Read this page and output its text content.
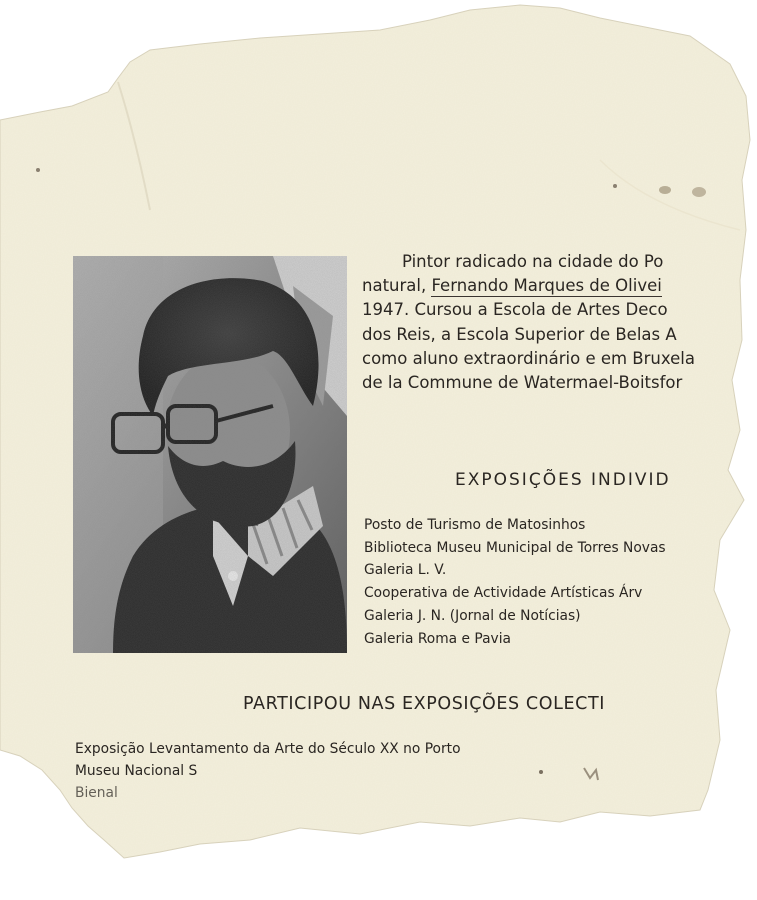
Pintor radicado na cidade do Po
natural, Fernando Marques de Olivei
1947. Cursou a Escola de Artes Deco
dos Reis, a Escola Superior de Belas A
como aluno extraordinário e em Bruxela
de la Commune de Watermael-Boitsfor
EXPOSIÇÕES INDIVID
Posto de Turismo de Matosinhos
Biblioteca Museu Municipal de Torres Novas
Galeria L. V.
Cooperativa de Actividade Artísticas Árv
Galeria J. N. (Jornal de Notícias)
Galeria Roma e Pavia
PARTICIPOU NAS EXPOSIÇÕES COLECTI
Exposição Levantamento da Arte do Século XX no Porto
Museu Nacional S
